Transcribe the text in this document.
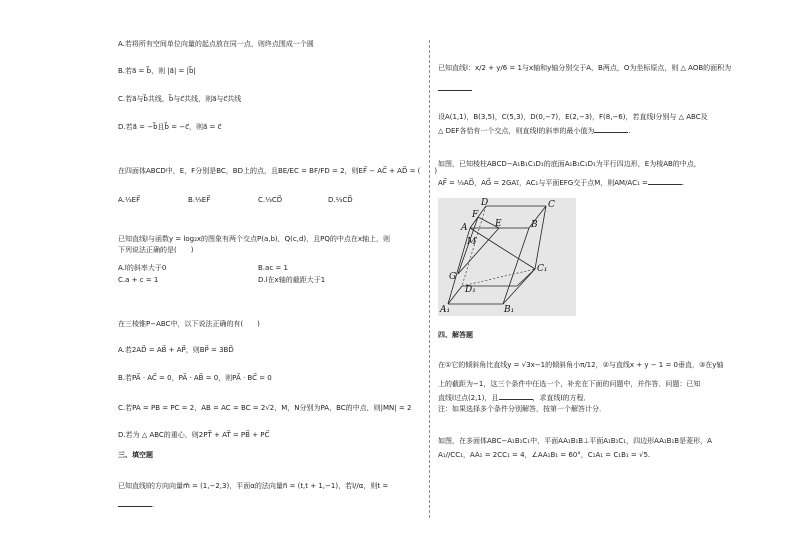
A.若将所有空间单位向量的起点放在同一点，则终点围成一个圆
B.若a⃗ = b⃗，则 |a⃗| = |b⃗|
C.若a⃗与b⃗共线，b⃗与c⃗共线，则a⃗与c⃗共线
D.若a⃗ = −b⃗且b⃗ = −c⃗，则a⃗ = c⃗
在四面体ABCD中，E，F分别是BC，BD上的点，且BE/EC = BF/FD = 2，则EF⃗ − AC⃗ + AD⃗ = (　　)
A.⅓EF⃗	B.⅔EF⃗	C.⅓CD⃗	D.⅔CD⃗
已知直线l与函数y = log₂x的图象有两个交点P(a,b)，Q(c,d)，且PQ的中点在x轴上，则
下列说法正确的是(　　)
A.l的斜率大于0	B.ac = 1
C.a + c = 1	D.l在x轴的截距大于1
在三棱锥P−ABC中，以下说法正确的有(　　)
A.若2AD⃗ = AB⃗ + AP⃗，则BP⃗ = 3BD⃗
B.若PA⃗ · AC⃗ = 0，PA⃗ · AB⃗ = 0，则PA⃗ · BC⃗ = 0
C.若PA = PB = PC = 2，AB = AC = BC = 2√2，M，N分别为PA，BC的中点，则|MN| = 2
D.若为 △ ABC的重心，则2PT⃗ + AT⃗ = PB⃗ + PC⃗
三、填空题
已知直线l的方向向量m⃗ = (1,−2,3)，平面α的法向量n⃗ = (t,t + 1,−1)，若l//α，则t =
.
已知直线l：x/2 + y/6 = 1与x轴和y轴分别交于A，B两点，O为坐标原点，则 △ AOB的面积为
设A(1,1)，B(3,5)，C(5,3)，D(0,−7)，E(2,−3)，F(8,−6)，若直线l分别与 △ ABC及
△ DEF各恰有一个交点，则直线l的斜率的最小值为	.
如图，已知棱柱ABCD−A₁B₁C₁D₁的底面A₁B₁C₁D₁为平行四边形，E为棱AB的中点，
AF⃗ = ⅓AD⃗，AG⃗ = 2GA₁⃗，AC₁与平面EFG交于点M，则AM/AC₁ =	.
D	C
F
A	E	B
M
G
D₁
C₁
A₁	B₁
四、解答题
在①它的倾斜角比直线y = √3x−1的倾斜角小π/12，②与直线x + y − 1 = 0垂直，③在y轴
上的截距为−1，这三个条件中任选一个，补充在下面的问题中，并作答．问题：已知
直线l过点(2,1)，且	，求直线l的方程．
注：如果选择多个条件分别解答，按第一个解答计分．
如图，在多面体ABC−A₁B₁C₁中，平面AA₁B₁B⊥平面A₁B₁C₁，四边形AA₁B₁B是菱形，A
A₁//CC₁，AA₁ = 2CC₁ = 4，∠AA₁B₁ = 60°，C₁A₁ = C₁B₁ = √5.
